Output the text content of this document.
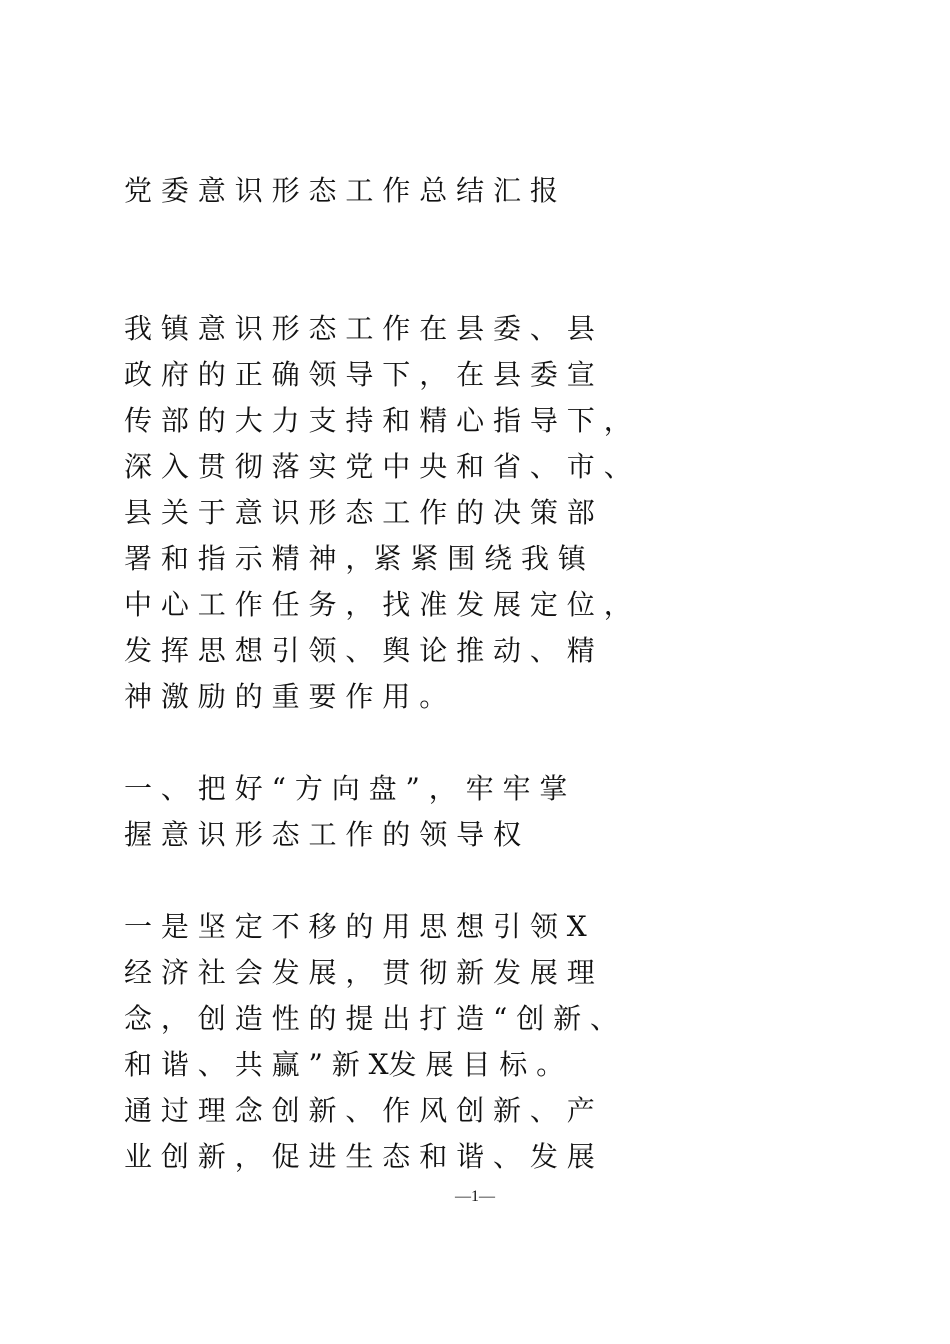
党 委 意 识 形 态 工 作 总 结 汇 报
我 镇 意 识 形 态 工 作 在 县 委 、 县
政 府 的 正 确 领 导 下 ， 在 县 委 宣
传 部 的 大 力 支 持 和 精 心 指 导 下 ，
深 入 贯 彻 落 实 党 中 央 和 省 、 市 、
县 关 于 意 识 形 态 工 作 的 决 策 部
署 和 指 示 精 神 ，紧 紧 围 绕 我 镇
中 心 工 作 任 务 ， 找 准 发 展 定 位 ，
发 挥 思 想 引 领 、 舆 论 推 动 、 精
神 激 励 的 重 要 作 用 。
一 、 把 好 “ 方 向 盘 ” ， 牢 牢 掌
握 意 识 形 态 工 作 的 领 导 权
一 是 坚 定 不 移 的 用 思 想 引 领 X
经 济 社 会 发 展 ， 贯 彻 新 发 展 理
念 ， 创 造 性 的 提 出 打 造 “ 创 新 、
和 谐 、 共 赢 ” 新 X发 展 目 标 。
通 过 理 念 创 新 、 作 风 创 新 、 产
业 创 新 ， 促 进 生 态 和 谐 、 发 展
—1—
